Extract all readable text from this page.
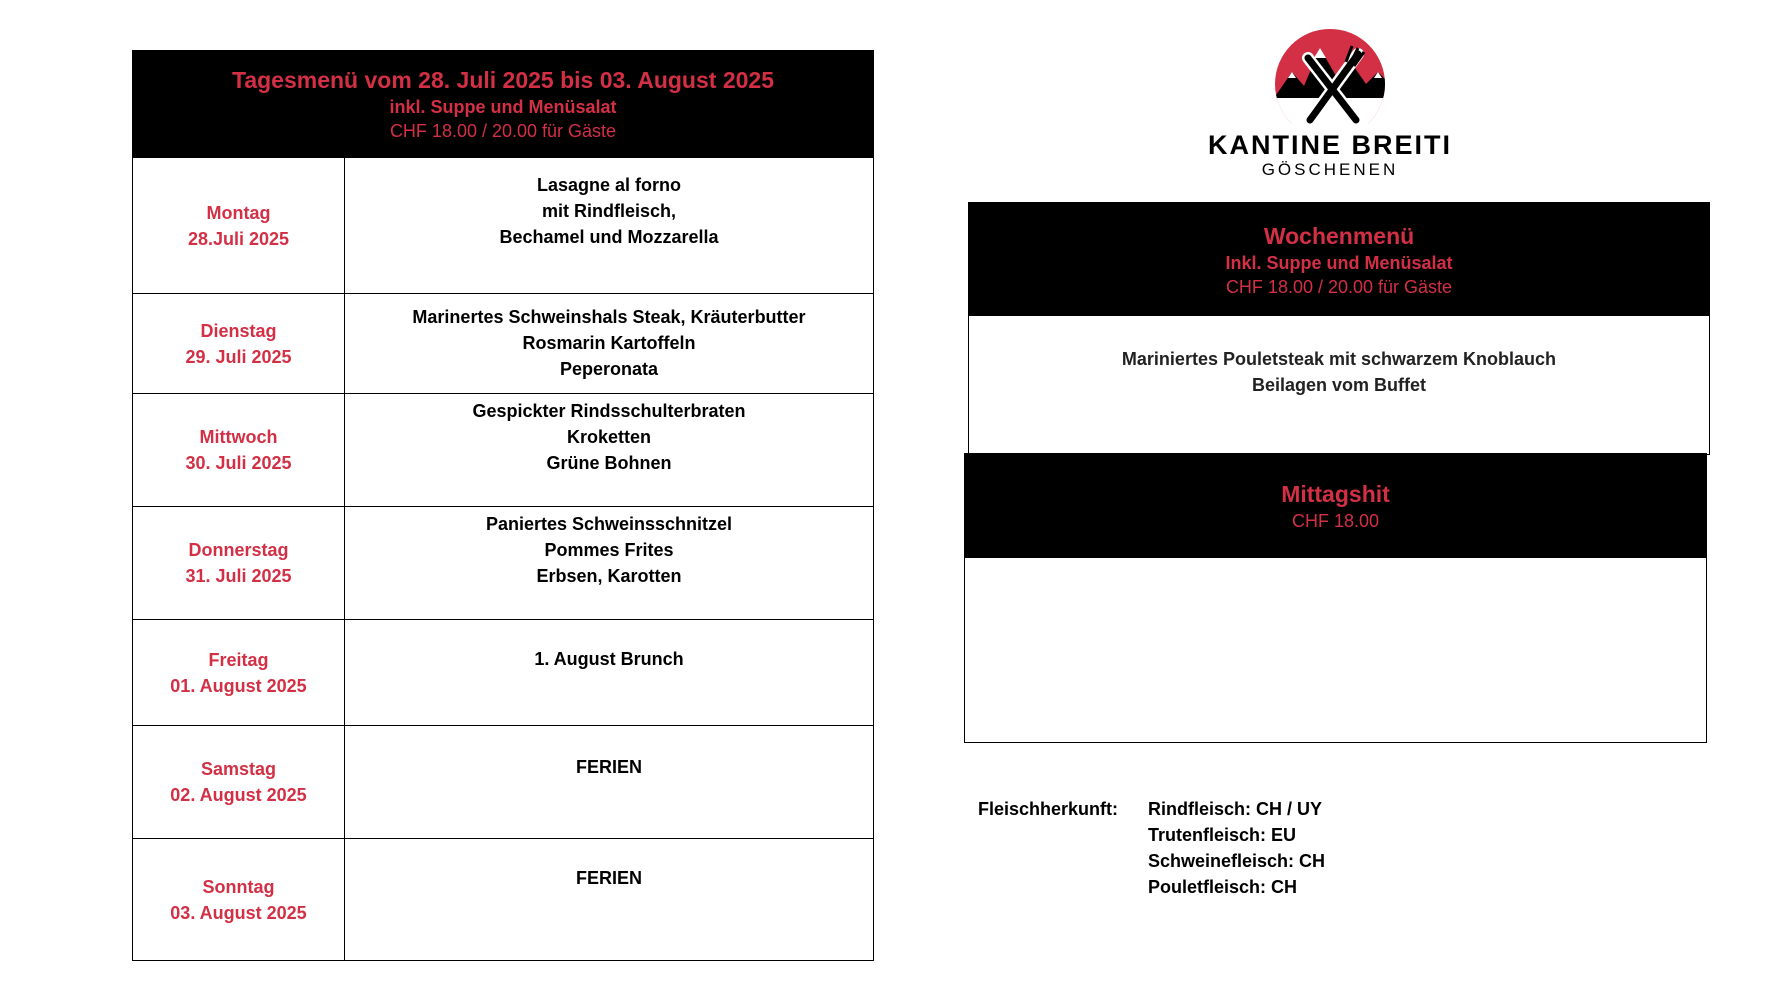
Tagesmenü vom 28. Juli 2025 bis 03. August 2025
inkl. Suppe und Menüsalat
CHF 18.00 / 20.00 für Gäste
Montag
28.Juli 2025
Lasagne al forno
mit Rindfleisch,
Bechamel und Mozzarella
Dienstag
29. Juli 2025
Marinertes Schweinshals Steak, Kräuterbutter
Rosmarin Kartoffeln
Peperonata
Mittwoch
30. Juli 2025
Gespickter Rindsschulterbraten
Kroketten
Grüne Bohnen
Donnerstag
31. Juli 2025
Paniertes Schweinsschnitzel
Pommes Frites
Erbsen, Karotten
Freitag
01. August 2025
1. August Brunch
Samstag
02. August 2025
FERIEN
Sonntag
03. August 2025
FERIEN
KANTINE BREITI
GÖSCHENEN
Wochenmenü
Inkl. Suppe und Menüsalat
CHF 18.00 / 20.00 für Gäste
Mariniertes Pouletsteak mit schwarzem Knoblauch
Beilagen vom Buffet
Mittagshit
CHF 18.00
Fleischherkunft: Rindfleisch: CH / UY
Trutenfleisch: EU
Schweinefleisch: CH
Pouletfleisch: CH
